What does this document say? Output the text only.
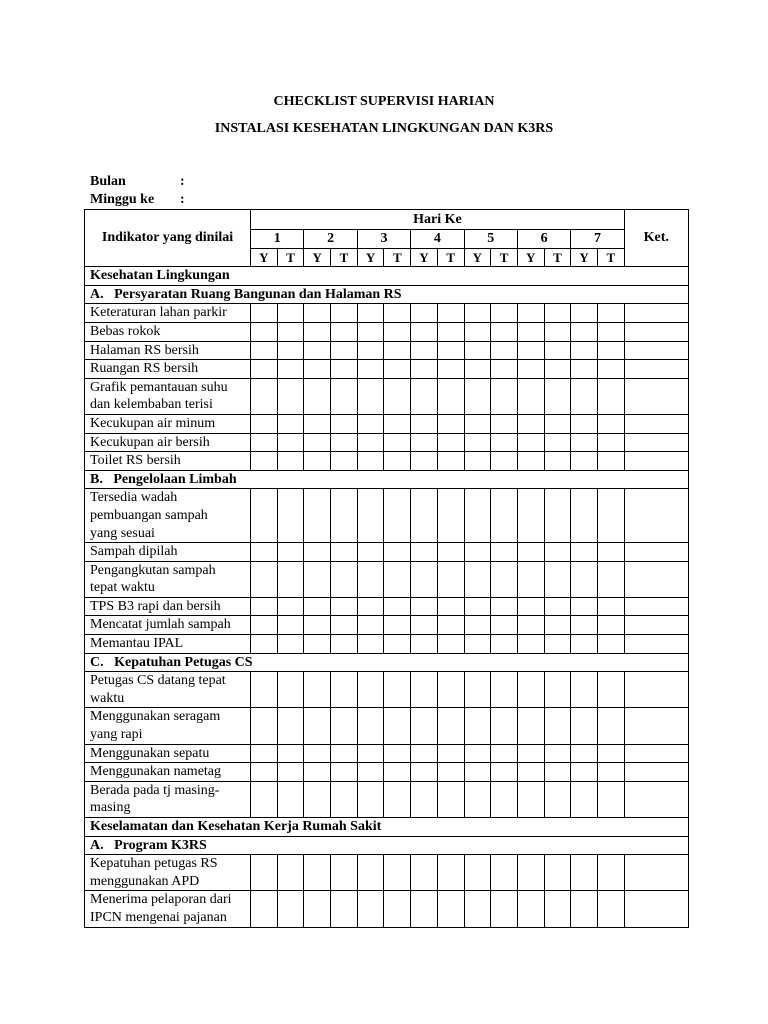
CHECKLIST SUPERVISI HARIAN
INSTALASI KESEHATAN LINGKUNGAN DAN K3RS
Bulan	:
Minggu ke :
Indikator yang dinilai	Hari Ke														Ket.
	1		2		3		4		5		6		7		
	Y	T	Y	T	Y	T	Y	T	Y	T	Y	T	Y	T	
Kesehatan Lingkungan															
A.   Persyaratan Ruang Bangunan dan Halaman RS															

Keteraturan lahan parkir															

Bebas rokok															

Halaman RS bersih															

Ruangan RS bersih															

Grafik pemantauan suhu
dan kelembaban terisi															

Kecukupan air minum															

Kecukupan air bersih															

Toilet RS bersih															

B.   Pengelolaan Limbah															

Tersedia wadah
pembuangan sampah
yang sesuai															

Sampah dipilah															

Pengangkutan sampah
tepat waktu															

TPS B3 rapi dan bersih															

Mencatat jumlah sampah															

Memantau IPAL															

C.   Kepatuhan Petugas CS															

Petugas CS datang tepat
waktu															

Menggunakan seragam
yang rapi															

Menggunakan sepatu															

Menggunakan nametag															

Berada pada tj masing-
masing															

Keselamatan dan Kesehatan Kerja Rumah Sakit															
A.   Program K3RS															

Kepatuhan petugas RS
menggunakan APD															

Menerima pelaporan dari
IPCN mengenai pajanan															
